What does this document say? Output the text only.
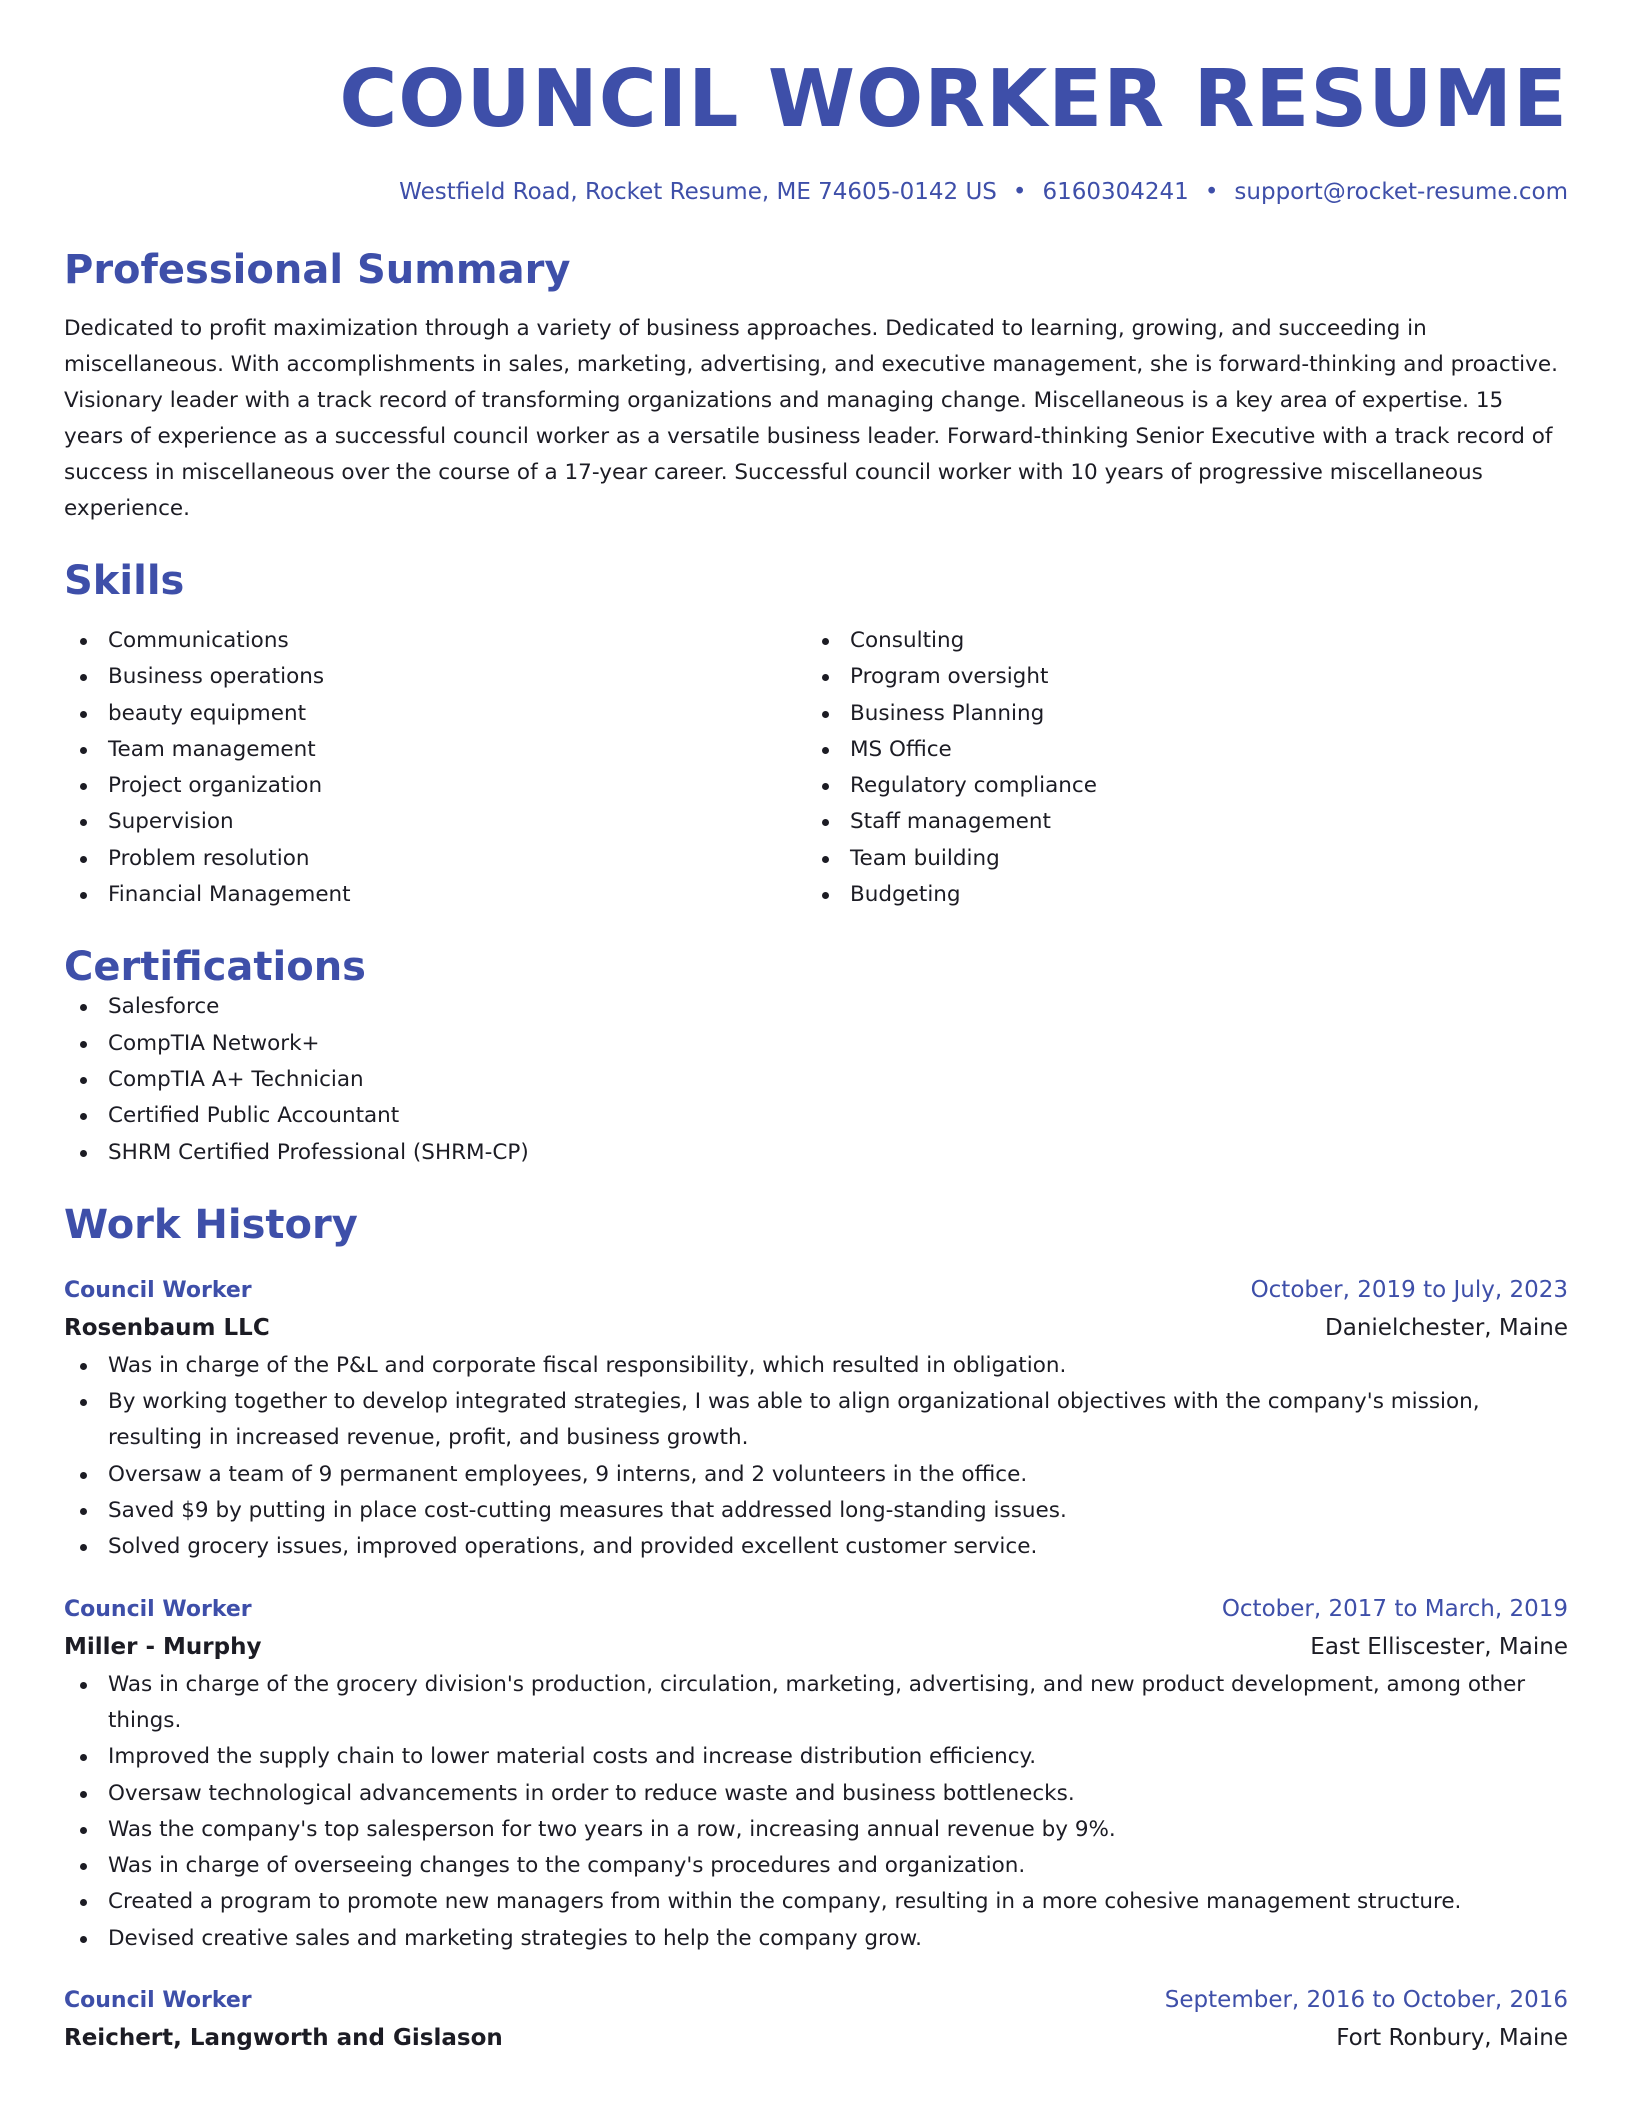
COUNCIL WORKER RESUME
Westfield Road, Rocket Resume, ME 74605-0142 US • 6160304241 • support@rocket-resume.com
Professional Summary
Dedicated to profit maximization through a variety of business approaches. Dedicated to learning, growing, and succeeding in miscellaneous. With accomplishments in sales, marketing, advertising, and executive management, she is forward-thinking and proactive. Visionary leader with a track record of transforming organizations and managing change. Miscellaneous is a key area of expertise. 15 years of experience as a successful council worker as a versatile business leader. Forward-thinking Senior Executive with a track record of success in miscellaneous over the course of a 17-year career. Successful council worker with 10 years of progressive miscellaneous experience.
Skills
Communications
Business operations
beauty equipment
Team management
Project organization
Supervision
Problem resolution
Financial Management
Consulting
Program oversight
Business Planning
MS Office
Regulatory compliance
Staff management
Team building
Budgeting
Certifications
Salesforce
CompTIA Network+
CompTIA A+ Technician
Certified Public Accountant
SHRM Certified Professional (SHRM-CP)
Work History
Council Worker	October, 2019 to July, 2023
Rosenbaum LLC	Danielchester, Maine
Was in charge of the P&L and corporate fiscal responsibility, which resulted in obligation.
By working together to develop integrated strategies, I was able to align organizational objectives with the company's mission, resulting in increased revenue, profit, and business growth.
Oversaw a team of 9 permanent employees, 9 interns, and 2 volunteers in the office.
Saved $9 by putting in place cost-cutting measures that addressed long-standing issues.
Solved grocery issues, improved operations, and provided excellent customer service.
Council Worker	October, 2017 to March, 2019
Miller - Murphy	East Elliscester, Maine
Was in charge of the grocery division's production, circulation, marketing, advertising, and new product development, among other things.
Improved the supply chain to lower material costs and increase distribution efficiency.
Oversaw technological advancements in order to reduce waste and business bottlenecks.
Was the company's top salesperson for two years in a row, increasing annual revenue by 9%.
Was in charge of overseeing changes to the company's procedures and organization.
Created a program to promote new managers from within the company, resulting in a more cohesive management structure.
Devised creative sales and marketing strategies to help the company grow.
Council Worker	September, 2016 to October, 2016
Reichert, Langworth and Gislason	Fort Ronbury, Maine
